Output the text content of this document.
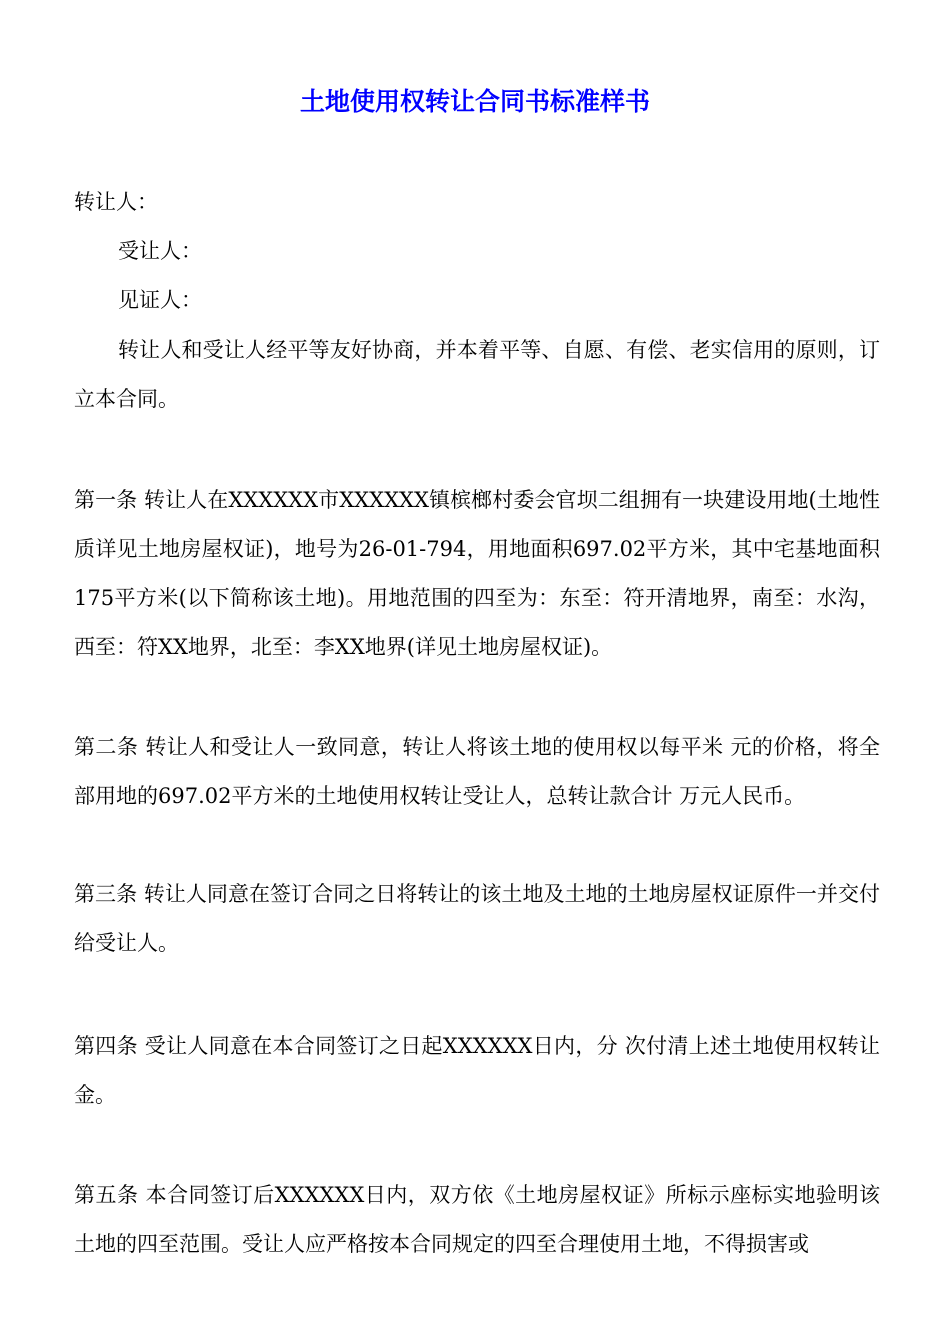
土地使用权转让合同书标准样书

转让人：

受让人：

见证人：

转让人和受让人经平等友好协商，并本着平等、自愿、有偿、老实信用的原则，订立本合同。

第一条 转让人在XXXXXX市XXXXXX镇槟榔村委会官坝二组拥有一块建设用地(土地性质详见土地房屋权证)，地号为26-01-794，用地面积697.02平方米，其中宅基地面积175平方米(以下简称该土地)。用地范围的四至为：东至：符开清地界，南至：水沟，西至：符XX地界，北至：李XX地界(详见土地房屋权证)。

第二条 转让人和受让人一致同意，转让人将该土地的使用权以每平米 元的价格，将全部用地的697.02平方米的土地使用权转让受让人，总转让款合计 万元人民币。

第三条 转让人同意在签订合同之日将转让的该土地及土地的土地房屋权证原件一并交付给受让人。

第四条 受让人同意在本合同签订之日起XXXXXX日内，分 次付清上述土地使用权转让金。

第五条 本合同签订后XXXXXX日内，双方依《土地房屋权证》所标示座标实地验明该土地的四至范围。受让人应严格按本合同规定的四至合理使用土地，不得损害或
